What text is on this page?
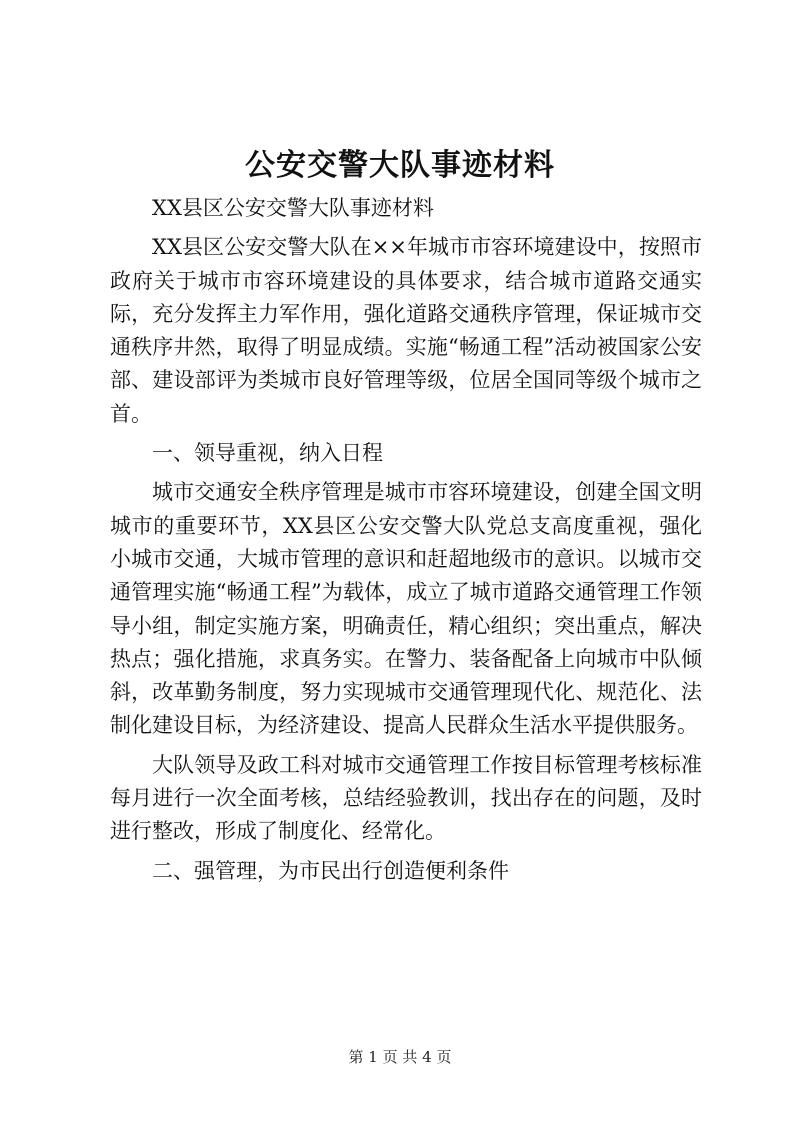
公安交警大队事迹材料

XX县区公安交警大队事迹材料

XX县区公安交警大队在××年城市市容环境建设中，按照市政府关于城市市容环境建设的具体要求，结合城市道路交通实际，充分发挥主力军作用，强化道路交通秩序管理，保证城市交通秩序井然，取得了明显成绩。实施“畅通工程”活动被国家公安部、建设部评为类城市良好管理等级，位居全国同等级个城市之首。

一、领导重视，纳入日程

城市交通安全秩序管理是城市市容环境建设，创建全国文明城市的重要环节，XX县区公安交警大队党总支高度重视，强化小城市交通，大城市管理的意识和赶超地级市的意识。以城市交通管理实施“畅通工程”为载体，成立了城市道路交通管理工作领导小组，制定实施方案，明确责任，精心组织；突出重点，解决热点；强化措施，求真务实。在警力、装备配备上向城市中队倾斜，改革勤务制度，努力实现城市交通管理现代化、规范化、法制化建设目标，为经济建设、提高人民群众生活水平提供服务。

大队领导及政工科对城市交通管理工作按目标管理考核标准每月进行一次全面考核，总结经验教训，找出存在的问题，及时进行整改，形成了制度化、经常化。

二、强管理，为市民出行创造便利条件

第 1 页 共 4 页
